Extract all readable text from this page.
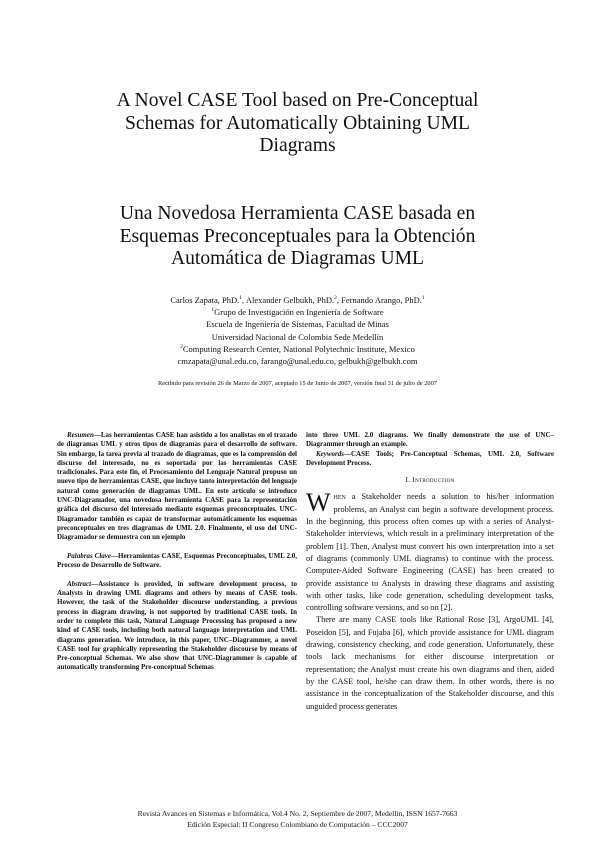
A Novel CASE Tool based on Pre-Conceptual
Schemas for Automatically Obtaining UML
Diagrams
Una Novedosa Herramienta CASE basada en
Esquemas Preconceptuales para la Obtención
Automática de Diagramas UML
Carlos Zapata, PhD.$^1$, Alexander Gelbukh, PhD.$^2$, Fernando Arango, PhD.$^1$
$^1$Grupo de Investigación en Ingeniería de Software
Escuela de Ingeniería de Sistemas, Facultad de Minas
Universidad Nacional de Colombia Sede Medellín
$^2$Computing Research Center, National Polytechnic Institute, Mexico
cmzapata@unal.edu.co, farango@unal.edu.co, gelbukh@gelbukh.com
Recibido para revisión 26 de Marzo de 2007, aceptado 15 de Junio de 2007, versión final 31 de julio de 2007

Resumen—Las herramientas CASE han asistido a los analistas en el trazado de diagramas UML y otros tipos de diagramas para el desarrollo de software. Sin embargo, la tarea previa al trazado de diagramas, que es la comprensión del discurso del interesado, no es soportada por las herramientas CASE tradicionales. Para este fin, el Procesamiento del Lenguaje Natural propuso un nuevo tipo de herramientas CASE, que incluye tanto interpretación del lenguaje natural como generación de diagramas UML. En este artículo se introduce UNC-Diagramador, una novedosa herramienta CASE para la representación gráfica del discurso del interesado mediante esquemas preconceptuales. UNC-Diagramador también es capaz de transformar automáticamente los esquemas preconceptuales en tres diagramas de UML 2.0. Finalmente, el uso del UNC-Diagramador se demuestra con un ejemplo

Palabras Clave—Herramientas CASE, Esquemas Preconceptuales, UML 2.0, Proceso de Desarrollo de Software.

Abstract—Assistance is provided, in software development process, to Analysts in drawing UML diagrams and others by means of CASE tools. However, the task of the Stakeholder discourse understanding, a previous process in diagram drawing, is not supported by traditional CASE tools. In order to complete this task, Natural Language Processing has proposed a new kind of CASE tools, including both natural language interpretation and UML diagrams generation. We introduce, in this paper, UNC–Diagrammer, a novel CASE tool for graphically representing the Stakeholder discourse by means of Pre-conceptual Schemas. We also show that UNC-Diagrammer is capable of automatically transforming Pre-conceptual Schemas

into three UML 2.0 diagrams. We finally demonstrate the use of UNC–Diagrammer through an example.

Keywords—CASE Tools; Pre-Conceptual Schemas, UML 2.0, Software Development Process.

I. Introduction

When a Stakeholder needs a solution to his/her information problems, an Analyst can begin a software development process. In the beginning, this process often comes up with a series of Analyst-Stakeholder interviews, which result in a preliminary interpretation of the problem [1]. Then, Analyst must convert his own interpretation into a set of diagrams (commonly UML diagrams) to continue with the process. Computer-Aided Software Engineering (CASE) has been created to provide assistance to Analysts in drawing these diagrams and assisting with other tasks, like code generation, scheduling development tasks, controlling software versions, and so on [2].

There are many CASE tools like Rational Rose [3], ArgoUML [4], Poseidon [5], and Fujaba [6], which provide assistance for UML diagram drawing, consistency checking, and code generation. Unfortunately, these tools lack mechanisms for either discourse interpretation or representation; the Analyst must create his own diagrams and then, aided by the CASE tool, he/she can draw them. In other words, there is no assistance in the conceptualization of the Stakeholder discourse, and this unguided process generates

Revista Avances en Sistemas e Informática, Vol.4 No. 2, Septiembre de 2007, Medellín, ISSN 1657-7663
Edición Especial: II Congreso Colombiano de Computación – CCC2007
